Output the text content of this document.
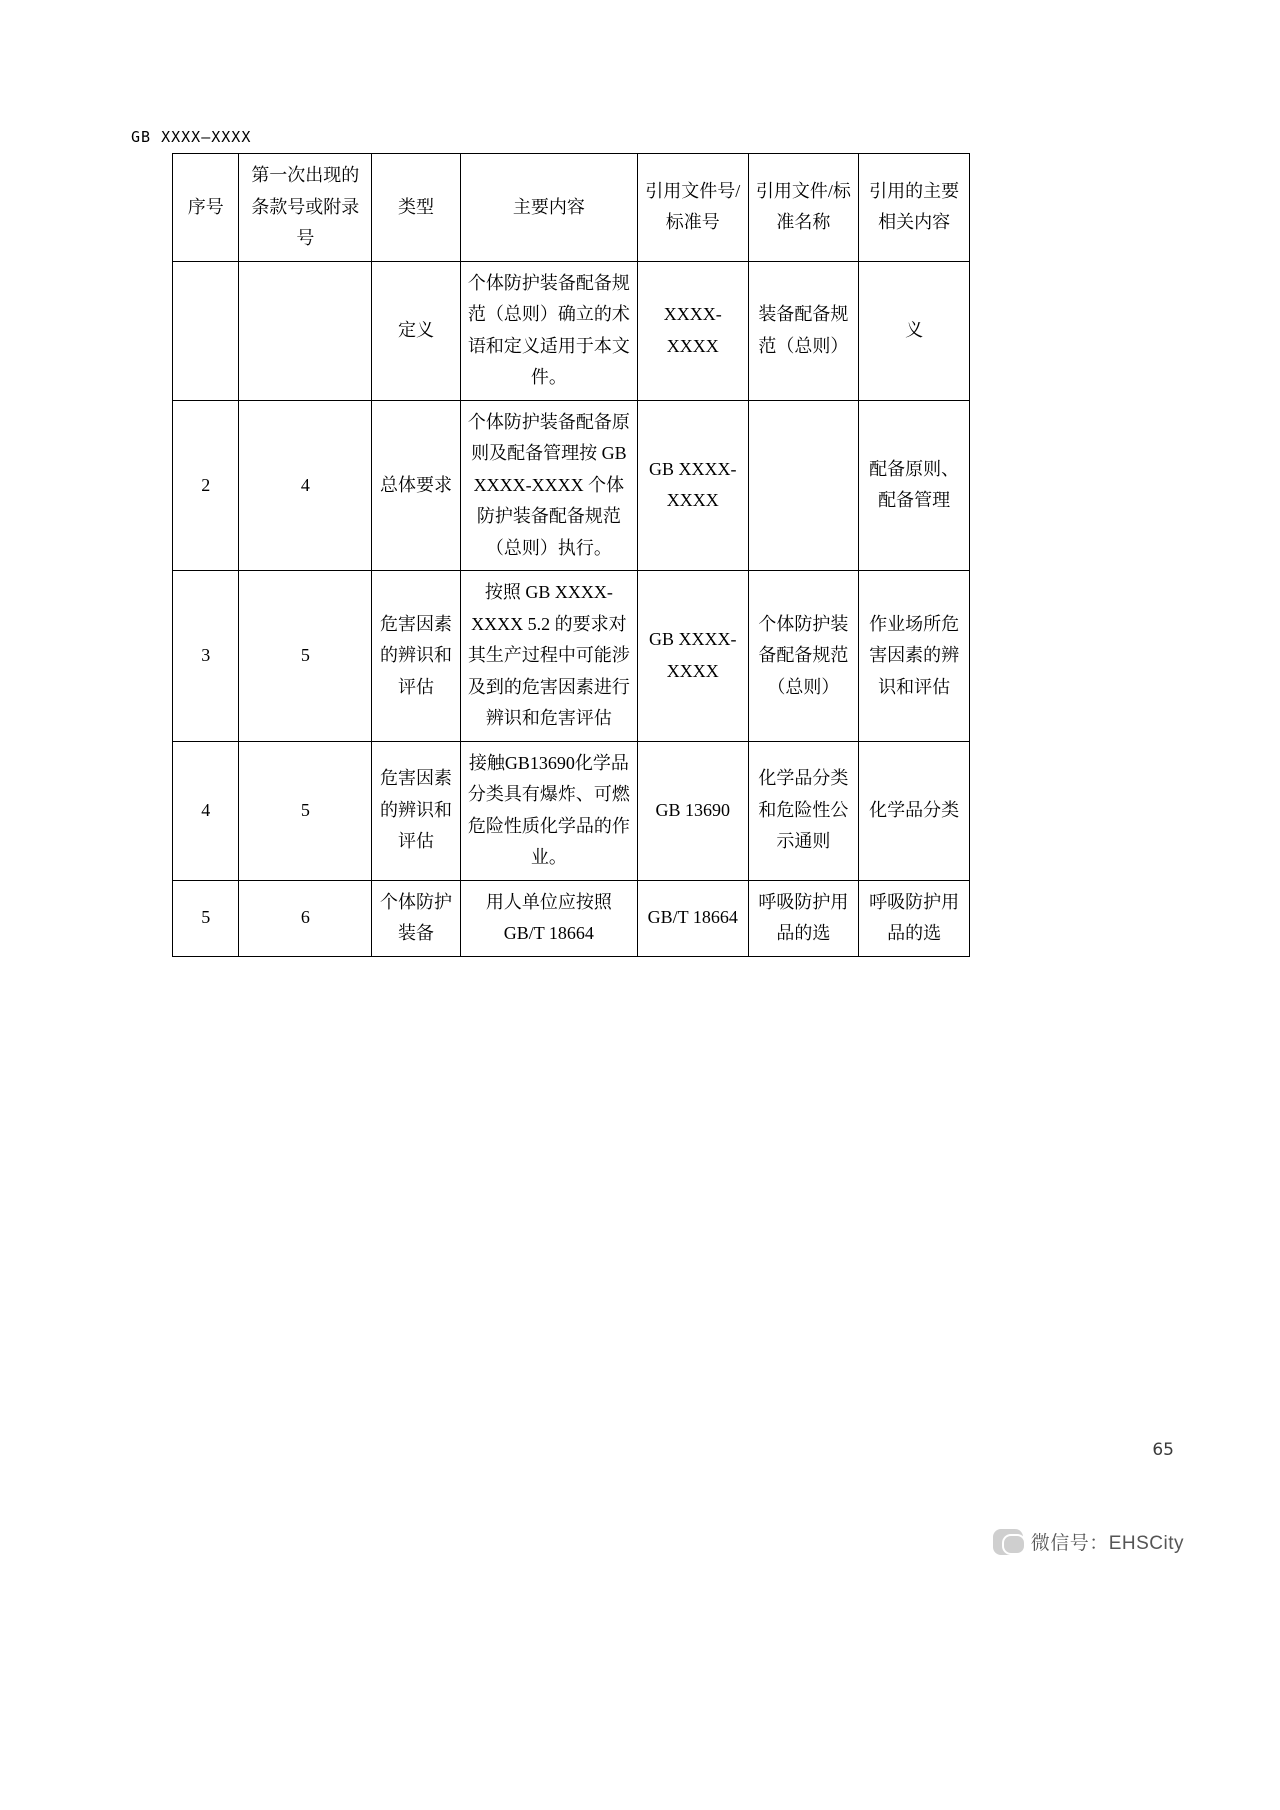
GB XXXX—XXXX
序号	第一次出现的条款号或附录号	类型	主要内容	引用文件号/标准号	引用文件/标准名称	引用的主要相关内容
		定义	个体防护装备配备规范（总则）确立的术语和定义适用于本文件。	XXXX-XXXX	装备配备规范（总则）	义
2	4	总体要求	个体防护装备配备原则及配备管理按 GB XXXX-XXXX 个体防护装备配备规范（总则）执行。	GB XXXX-XXXX		配备原则、配备管理
3	5	危害因素的辨识和评估	按照 GB XXXX-XXXX 5.2 的要求对其生产过程中可能涉及到的危害因素进行辨识和危害评估	GB XXXX-XXXX	个体防护装备配备规范（总则）	作业场所危害因素的辨识和评估
4	5	危害因素的辨识和评估	接触GB13690化学品分类具有爆炸、可燃危险性质化学品的作业。	GB 13690	化学品分类和危险性公示通则	化学品分类
5	6	个体防护装备	用人单位应按照 GB/T 18664	GB/T 18664	呼吸防护用品的选	呼吸防护用品的选
65
微信号：EHSCity
